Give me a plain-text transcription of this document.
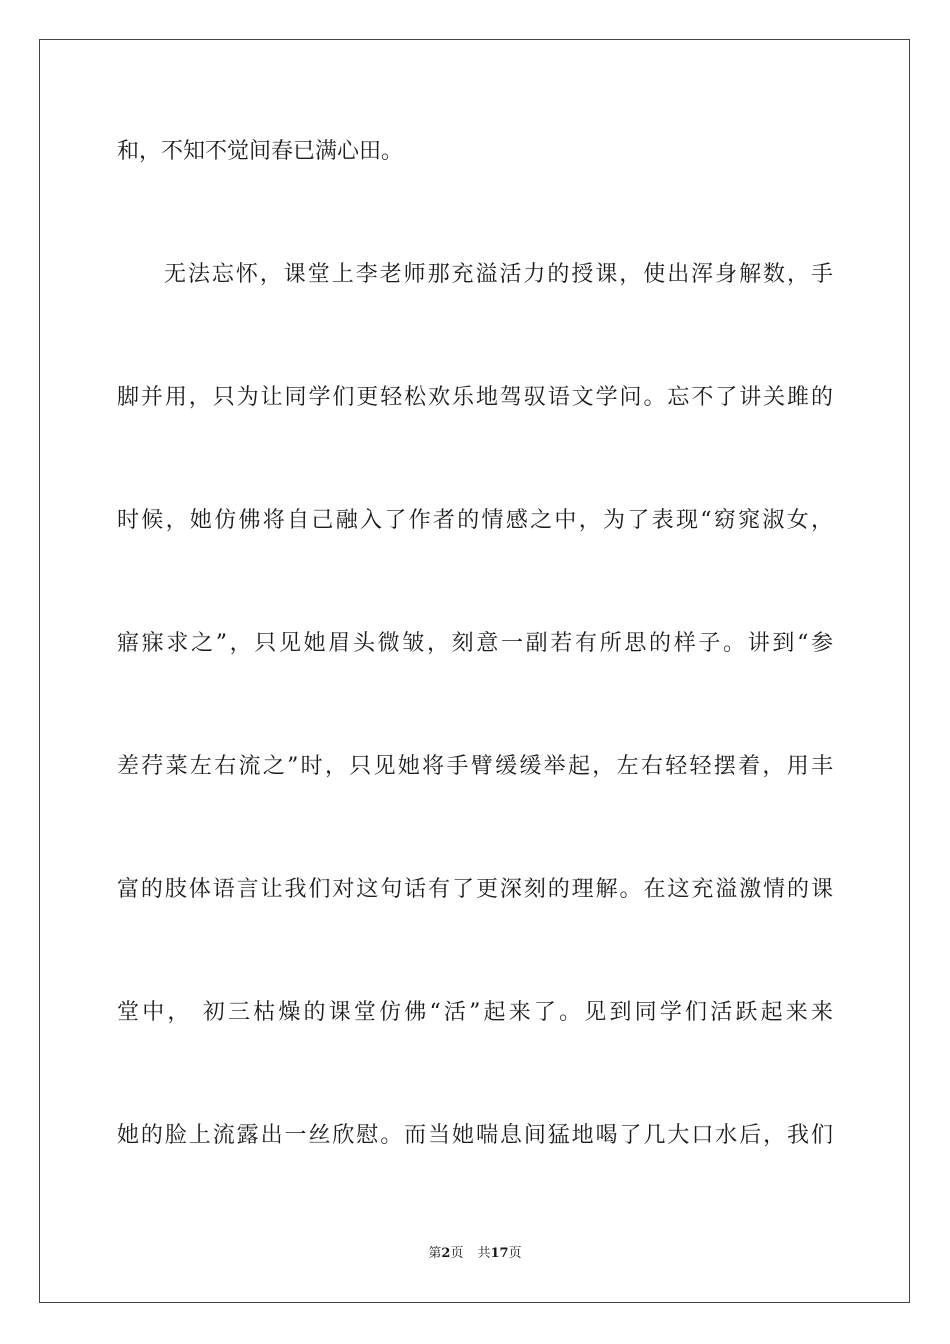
和，不知不觉间春已满心田。
无法忘怀，课堂上李老师那充溢活力的授课，使出浑身解数，手
脚并用，只为让同学们更轻松欢乐地驾驭语文学问。忘不了讲关雎的
时候，她仿佛将自己融入了作者的情感之中，为了表现“窈窕淑女，
寤寐求之”，只见她眉头微皱，刻意一副若有所思的样子。讲到“参
差荇菜左右流之”时，只见她将手臂缓缓举起，左右轻轻摆着，用丰
富的肢体语言让我们对这句话有了更深刻的理解。在这充溢激情的课
堂中， 初三枯燥的课堂仿佛“活”起来了。见到同学们活跃起来来
她的脸上流露出一丝欣慰。而当她喘息间猛地喝了几大口水后，我们
第2页 共17页
